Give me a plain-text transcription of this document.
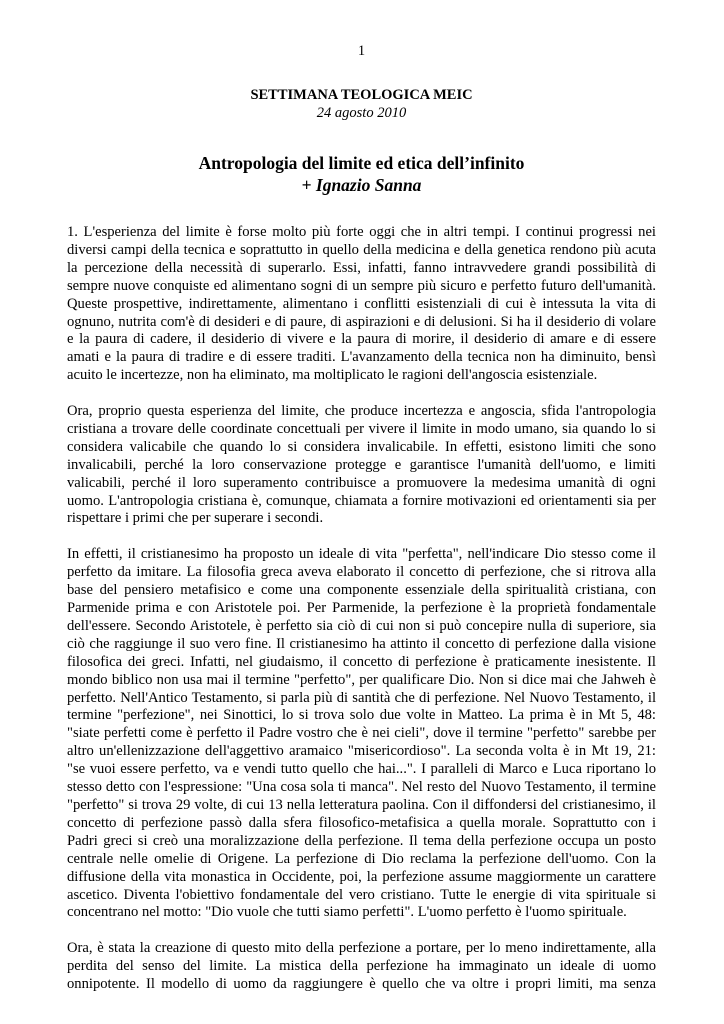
1
SETTIMANA TEOLOGICA MEIC
24 agosto 2010
Antropologia del limite ed etica dell’infinito
+ Ignazio Sanna

1. L'esperienza del limite è forse molto più forte oggi che in altri tempi. I continui progressi nei
diversi campi della tecnica e soprattutto in quello della medicina e della genetica rendono più acuta
la percezione della necessità di superarlo. Essi, infatti, fanno intravvedere grandi possibilità di
sempre nuove conquiste ed alimentano sogni di un sempre più sicuro e perfetto futuro dell'umanità.
Queste prospettive, indirettamente, alimentano i conflitti esistenziali di cui è intessuta la vita di
ognuno, nutrita com'è di desideri e di paure, di aspirazioni e di delusioni. Si ha il desiderio di volare
e la paura di cadere, il desiderio di vivere e la paura di morire, il desiderio di amare e di essere
amati e la paura di tradire e di essere traditi. L'avanzamento della tecnica non ha diminuito, bensì
acuito le incertezze, non ha eliminato, ma moltiplicato le ragioni dell'angoscia esistenziale.

Ora, proprio questa esperienza del limite, che produce incertezza e angoscia, sfida l'antropologia
cristiana a trovare delle coordinate concettuali per vivere il limite in modo umano, sia quando lo si
considera valicabile che quando lo si considera invalicabile. In effetti, esistono limiti che sono
invalicabili, perché la loro conservazione protegge e garantisce l'umanità dell'uomo, e limiti
valicabili, perché il loro superamento contribuisce a promuovere la medesima umanità di ogni
uomo. L'antropologia cristiana è, comunque, chiamata a fornire motivazioni ed orientamenti sia per
rispettare i primi che per superare i secondi.

In effetti, il cristianesimo ha proposto un ideale di vita "perfetta", nell'indicare Dio stesso come il
perfetto da imitare. La filosofia greca aveva elaborato il concetto di perfezione, che si ritrova alla
base del pensiero metafisico e come una componente essenziale della spiritualità cristiana, con
Parmenide prima e con Aristotele poi. Per Parmenide, la perfezione è la proprietà fondamentale
dell'essere. Secondo Aristotele, è perfetto sia ciò di cui non si può concepire nulla di superiore, sia
ciò che raggiunge il suo vero fine. Il cristianesimo ha attinto il concetto di perfezione dalla visione
filosofica dei greci. Infatti, nel giudaismo, il concetto di perfezione è praticamente inesistente. Il
mondo biblico non usa mai il termine "perfetto", per qualificare Dio. Non si dice mai che Jahweh è
perfetto. Nell'Antico Testamento, si parla più di santità che di perfezione. Nel Nuovo Testamento, il
termine "perfezione", nei Sinottici, lo si trova solo due volte in Matteo. La prima è in Mt 5, 48:
"siate perfetti come è perfetto il Padre vostro che è nei cieli", dove il termine "perfetto" sarebbe per
altro un'ellenizzazione dell'aggettivo aramaico "misericordioso". La seconda volta è in Mt 19, 21:
"se vuoi essere perfetto, va e vendi tutto quello che hai...". I paralleli di Marco e Luca riportano lo
stesso detto con l'espressione: "Una cosa sola ti manca". Nel resto del Nuovo Testamento, il termine
"perfetto" si trova 29 volte, di cui 13 nella letteratura paolina. Con il diffondersi del cristianesimo, il
concetto di perfezione passò dalla sfera filosofico-metafisica a quella morale. Soprattutto con i
Padri greci si creò una moralizzazione della perfezione. Il tema della perfezione occupa un posto
centrale nelle omelie di Origene. La perfezione di Dio reclama la perfezione dell'uomo. Con la
diffusione della vita monastica in Occidente, poi, la perfezione assume maggiormente un carattere
ascetico. Diventa l'obiettivo fondamentale del vero cristiano. Tutte le energie di vita spirituale si
concentrano nel motto: "Dio vuole che tutti siamo perfetti". L'uomo perfetto è l'uomo spirituale.

Ora, è stata la creazione di questo mito della perfezione a portare, per lo meno indirettamente, alla
perdita del senso del limite. La mistica della perfezione ha immaginato un ideale di uomo
onnipotente. Il modello di uomo da raggiungere è quello che va oltre i propri limiti, ma senza
